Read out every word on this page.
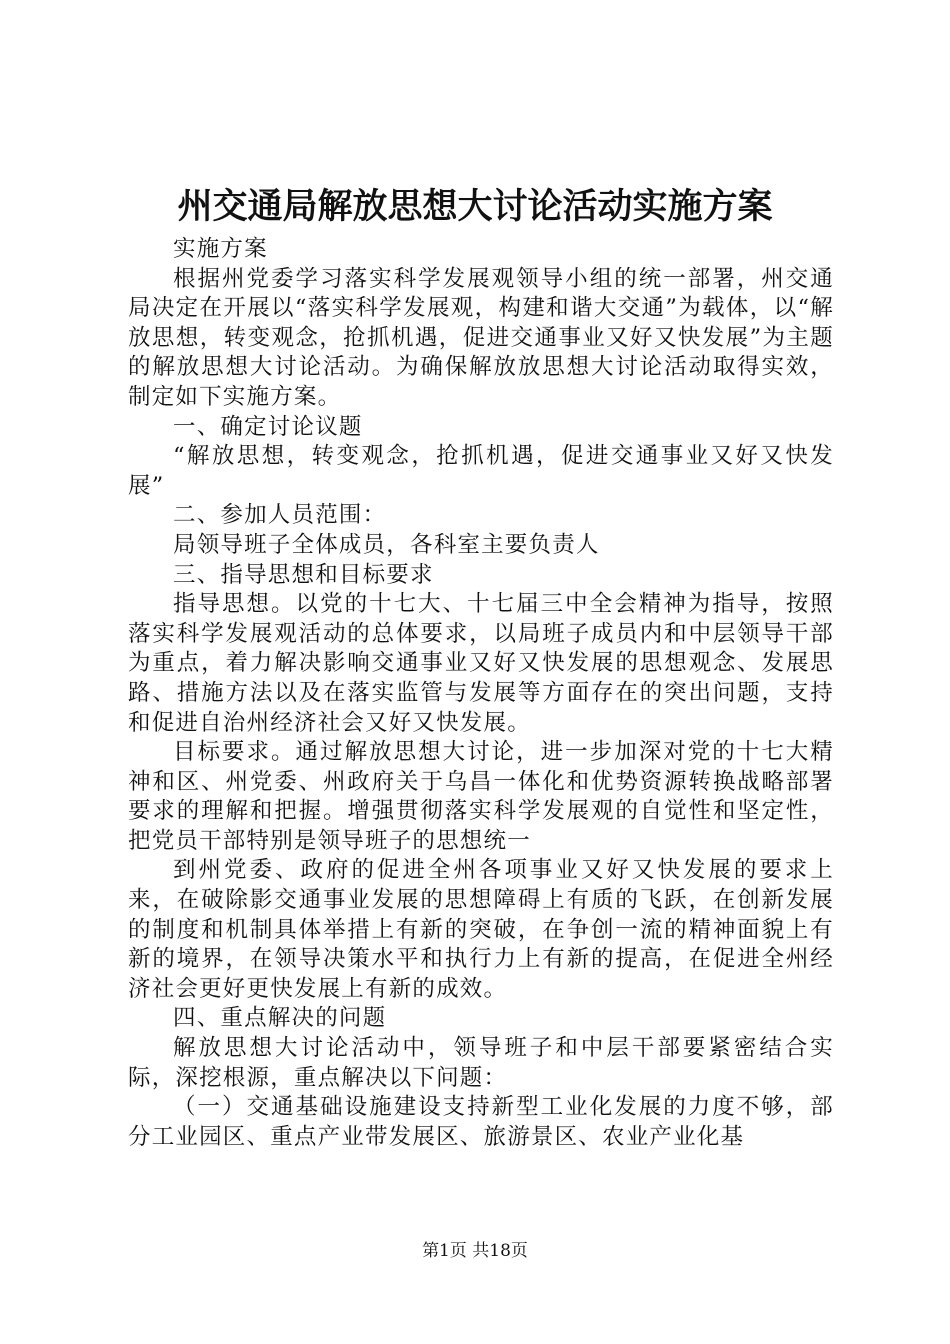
州交通局解放思想大讨论活动实施方案

实施方案

根据州党委学习落实科学发展观领导小组的统一部署，州交通局决定在开展以“落实科学发展观，构建和谐大交通”为载体，以“解放思想，转变观念，抢抓机遇，促进交通事业又好又快发展”为主题的解放思想大讨论活动。为确保解放放思想大讨论活动取得实效，制定如下实施方案。

一、确定讨论议题

“解放思想，转变观念，抢抓机遇，促进交通事业又好又快发展”

二、参加人员范围：

局领导班子全体成员，各科室主要负责人

三、指导思想和目标要求

指导思想。以党的十七大、十七届三中全会精神为指导，按照落实科学发展观活动的总体要求，以局班子成员内和中层领导干部为重点，着力解决影响交通事业又好又快发展的思想观念、发展思路、措施方法以及在落实监管与发展等方面存在的突出问题，支持和促进自治州经济社会又好又快发展。

目标要求。通过解放思想大讨论，进一步加深对党的十七大精神和区、州党委、州政府关于乌昌一体化和优势资源转换战略部署要求的理解和把握。增强贯彻落实科学发展观的自觉性和坚定性，把党员干部特别是领导班子的思想统一

到州党委、政府的促进全州各项事业又好又快发展的要求上来，在破除影交通事业发展的思想障碍上有质的飞跃，在创新发展的制度和机制具体举措上有新的突破，在争创一流的精神面貌上有新的境界，在领导决策水平和执行力上有新的提高，在促进全州经济社会更好更快发展上有新的成效。

四、重点解决的问题

解放思想大讨论活动中，领导班子和中层干部要紧密结合实际，深挖根源，重点解决以下问题：

（一）交通基础设施建设支持新型工业化发展的力度不够，部分工业园区、重点产业带发展区、旅游景区、农业产业化基

第1页 共18页
